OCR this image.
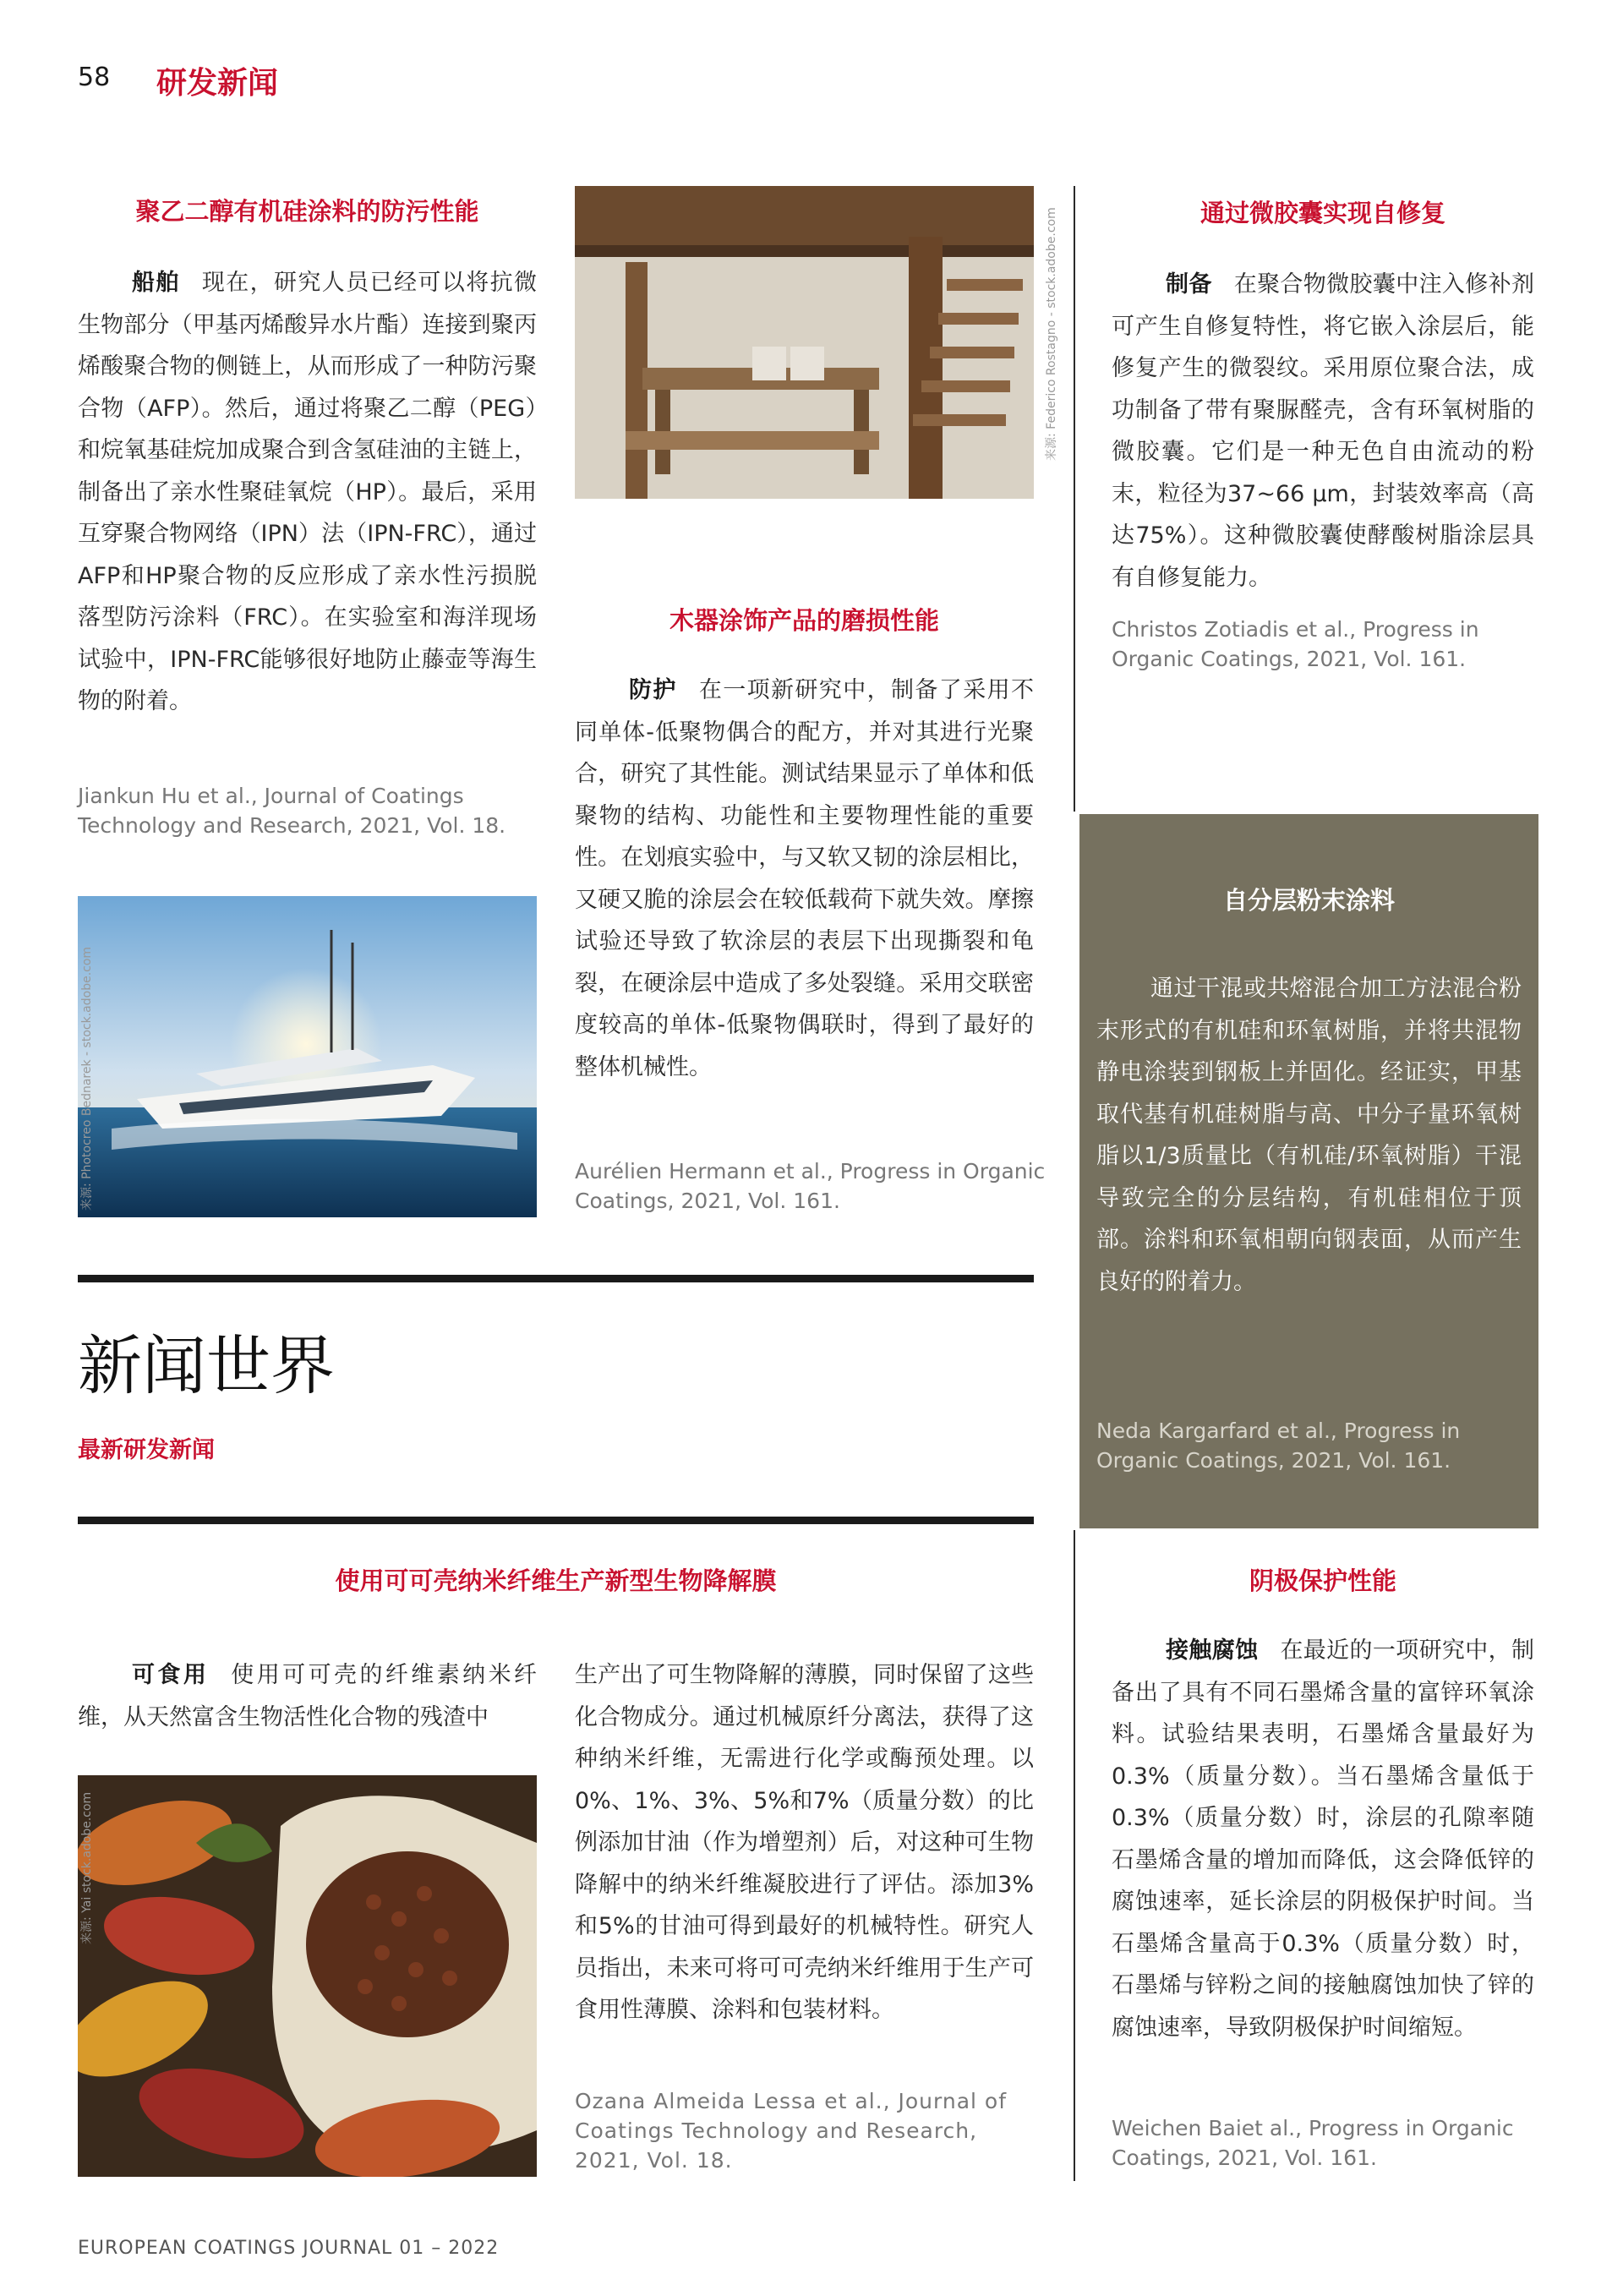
58 研发新闻
聚乙二醇有机硅涂料的防污性能
船舶 现在，研究人员已经可以将抗微生物部分（甲基丙烯酸异水片酯）连接到聚丙烯酸聚合物的侧链上，从而形成了一种防污聚合物（AFP）。然后，通过将聚乙二醇（PEG）和烷氧基硅烷加成聚合到含氢硅油的主链上，制备出了亲水性聚硅氧烷（HP）。最后，采用互穿聚合物网络（IPN）法（IPN-FRC），通过AFP和HP聚合物的反应形成了亲水性污损脱落型防污涂料（FRC）。在实验室和海洋现场试验中，IPN-FRC能够很好地防止藤壶等海生物的附着。
Jiankun Hu et al., Journal of Coatings Technology and Research, 2021, Vol. 18.
来源: Photocreo Bednarek - stock.adobe.com
来源: Federico Rostagno - stock.adobe.com
木器涂饰产品的磨损性能
防护 在一项新研究中，制备了采用不同单体-低聚物偶合的配方，并对其进行光聚合，研究了其性能。测试结果显示了单体和低聚物的结构、功能性和主要物理性能的重要性。在划痕实验中，与又软又韧的涂层相比，又硬又脆的涂层会在较低载荷下就失效。摩擦试验还导致了软涂层的表层下出现撕裂和龟裂，在硬涂层中造成了多处裂缝。采用交联密度较高的单体-低聚物偶联时，得到了最好的整体机械性。
Aurélien Hermann et al., Progress in Organic Coatings, 2021, Vol. 161.
通过微胶囊实现自修复
制备 在聚合物微胶囊中注入修补剂可产生自修复特性，将它嵌入涂层后，能修复产生的微裂纹。采用原位聚合法，成功制备了带有聚脲醛壳，含有环氧树脂的微胶囊。它们是一种无色自由流动的粉末，粒径为37~66 µm，封装效率高（高达75%）。这种微胶囊使酵酸树脂涂层具有自修复能力。
Christos Zotiadis et al., Progress in Organic Coatings, 2021, Vol. 161.
自分层粉末涂料
通过干混或共熔混合加工方法混合粉末形式的有机硅和环氧树脂，并将共混物静电涂装到钢板上并固化。经证实，甲基取代基有机硅树脂与高、中分子量环氧树脂以1/3质量比（有机硅/环氧树脂）干混导致完全的分层结构，有机硅相位于顶部。涂料和环氧相朝向钢表面，从而产生良好的附着力。
Neda Kargarfard et al., Progress in Organic Coatings, 2021, Vol. 161.
新闻世界
最新研发新闻
使用可可壳纳米纤维生产新型生物降解膜
可食用 使用可可壳的纤维素纳米纤维，从天然富含生物活性化合物的残渣中
生产出了可生物降解的薄膜，同时保留了这些化合物成分。通过机械原纤分离法，获得了这种纳米纤维，无需进行化学或酶预处理。以0%、1%、3%、5%和7%（质量分数）的比例添加甘油（作为增塑剂）后，对这种可生物降解中的纳米纤维凝胶进行了评估。添加3%和5%的甘油可得到最好的机械特性。研究人员指出，未来可将可可壳纳米纤维用于生产可食用性薄膜、涂料和包装材料。
Ozana Almeida Lessa et al., Journal of Coatings Technology and Research, 2021, Vol. 18.
来源: Yai stock.adobe.com
阴极保护性能
接触腐蚀 在最近的一项研究中，制备出了具有不同石墨烯含量的富锌环氧涂料。试验结果表明，石墨烯含量最好为0.3%（质量分数）。当石墨烯含量低于0.3%（质量分数）时，涂层的孔隙率随石墨烯含量的增加而降低，这会降低锌的腐蚀速率，延长涂层的阴极保护时间。当石墨烯含量高于0.3%（质量分数）时，石墨烯与锌粉之间的接触腐蚀加快了锌的腐蚀速率，导致阴极保护时间缩短。
Weichen Baiet al., Progress in Organic Coatings, 2021, Vol. 161.
EUROPEAN COATINGS JOURNAL 01 – 2022
